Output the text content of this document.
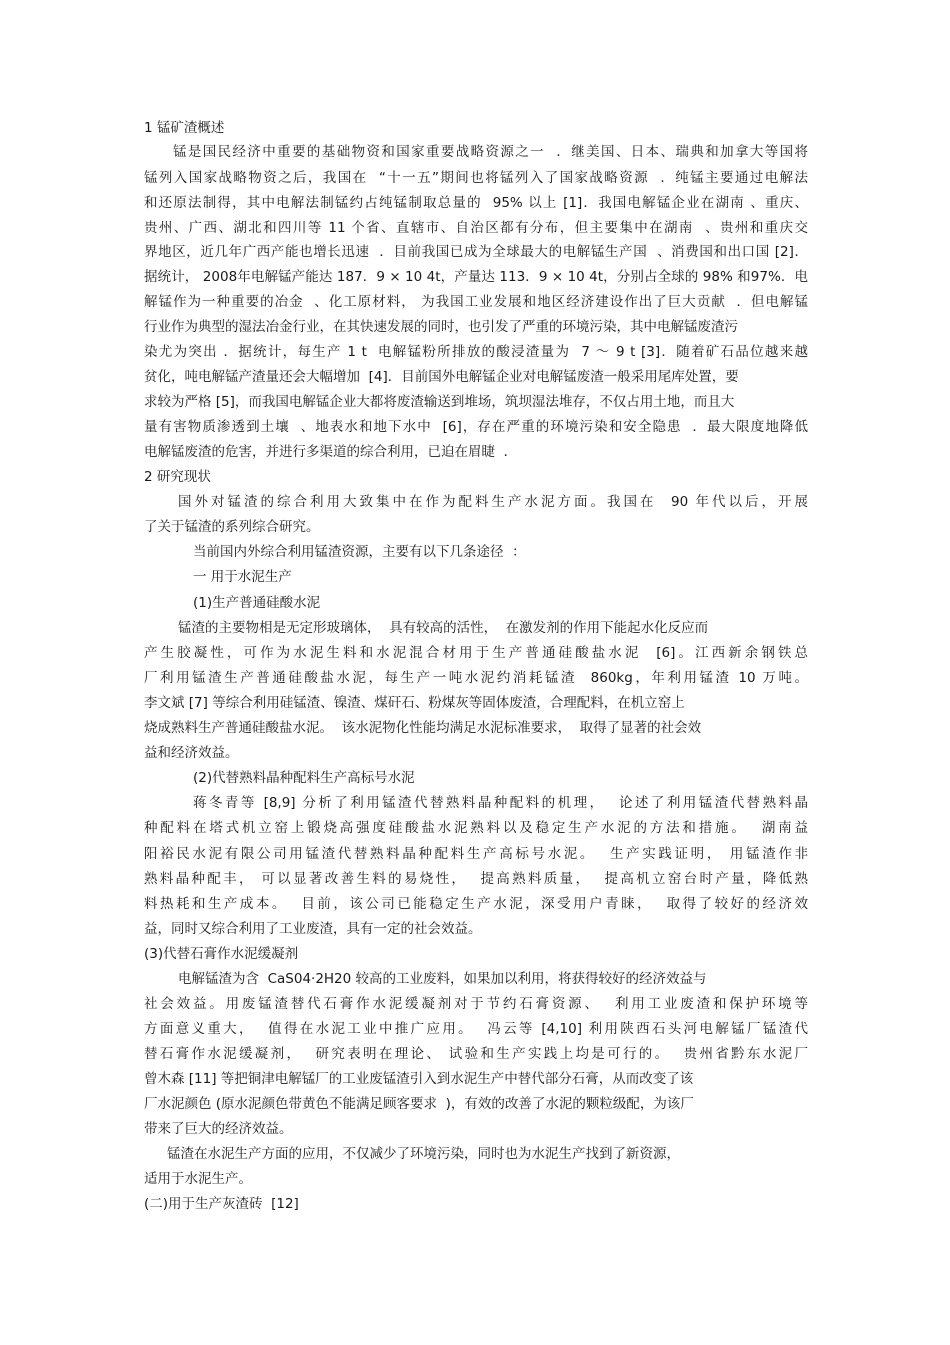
1 锰矿渣概述
锰是国民经济中重要的基础物资和国家重要战略资源之一  ．继美国、日本、瑞典和加拿大等国将
锰列入国家战略物资之后，我国在  “十一五”期间也将锰列入了国家战略资源  ．纯锰主要通过电解法
和还原法制得，其中电解法制锰约占纯锰制取总量的  95% 以上 [1]．我国电解锰企业在湖南 、重庆、
贵州、广西、湖北和四川等 11 个省、直辖市、自治区都有分布，但主要集中在湖南  、贵州和重庆交
界地区，近几年广西产能也增长迅速  ．目前我国已成为全球最大的电解锰生产国  、消费国和出口国 [2]．
据统计， 2008年电解锰产能达 187．9 × 10 4t，产量达 113．9 × 10 4t，分别占全球的 98% 和97%．电
解锰作为一种重要的冶金  、化工原材料， 为我国工业发展和地区经济建设作出了巨大贡献  ．但电解锰
行业作为典型的湿法冶金行业，在其快速发展的同时，也引发了严重的环境污染，其中电解锰废渣污
染尤为突出 ．据统计，每生产 1 t  电解锰粉所排放的酸浸渣量为  7 ～ 9 t [3]．随着矿石品位越来越
贫化，吨电解锰产渣量还会大幅增加  [4]．目前国外电解锰企业对电解锰废渣一般采用尾库处置，要
求较为严格 [5]，而我国电解锰企业大都将废渣输送到堆场，筑坝湿法堆存，不仅占用土地，而且大
量有害物质渗透到土壤  、地表水和地下水中  [6]，存在严重的环境污染和安全隐患  ．最大限度地降低
电解锰废渣的危害，并进行多渠道的综合利用，已迫在眉睫  ．
2 研究现状
国外对锰渣的综合利用大致集中在作为配料生产水泥方面。我国在  90 年代以后，开展
了关于锰渣的系列综合研究。
当前国内外综合利用锰渣资源，主要有以下几条途径  ：
一 用于水泥生产
(1)生产普通硅酸水泥
锰渣的主要物相是无定形玻璃体，  具有较高的活性，  在激发剂的作用下能起水化反应而
产生胶凝性，可作为水泥生料和水泥混合材用于生产普通硅酸盐水泥  [6]。江西新余钢铁总
厂利用锰渣生产普通硅酸盐水泥，每生产一吨水泥约消耗锰渣  860kg，年利用锰渣 10 万吨。
李文斌 [7] 等综合利用硅锰渣、镍渣、煤矸石、粉煤灰等固体废渣，合理配料，在机立窑上
烧成熟料生产普通硅酸盐水泥。  该水泥物化性能均满足水泥标准要求，  取得了显著的社会效
益和经济效益。
(2)代替熟料晶种配料生产高标号水泥
蒋冬青等 [8,9] 分析了利用锰渣代替熟料晶种配料的机理，  论述了利用锰渣代替熟料晶
种配料在塔式机立窑上锻烧高强度硅酸盐水泥熟料以及稳定生产水泥的方法和措施。  湖南益
阳裕民水泥有限公司用锰渣代替熟料晶种配料生产高标号水泥。  生产实践证明， 用锰渣作非
熟料晶种配丰， 可以显著改善生料的易烧性，  提高熟料质量，  提高机立窑台时产量，降低熟
料热耗和生产成本。  目前，该公司已能稳定生产水泥，深受用户青睐，  取得了较好的经济效
益，同时又综合利用了工业废渣，具有一定的社会效益。
(3)代替石膏作水泥缓凝剂
电解锰渣为含  CaS04·2H20 较高的工业废料，如果加以利用，将获得较好的经济效益与
社会效益。用废锰渣替代石膏作水泥缓凝剂对于节约石膏资源、  利用工业废渣和保护环境等
方面意义重大，  值得在水泥工业中推广应用。  冯云等 [4,10] 利用陕西石头河电解锰厂锰渣代
替石膏作水泥缓凝剂，  研究表明在理论、 试验和生产实践上均是可行的。  贵州省黔东水泥厂
曾木森 [11] 等把铜津电解锰厂的工业废锰渣引入到水泥生产中替代部分石膏，从而改变了该
厂水泥颜色 (原水泥颜色带黄色不能满足顾客要求  )，有效的改善了水泥的颗粒级配，为该厂
带来了巨大的经济效益。
锰渣在水泥生产方面的应用，不仅减少了环境污染，同时也为水泥生产找到了新资源，
适用于水泥生产。
(二)用于生产灰渣砖  [12]
